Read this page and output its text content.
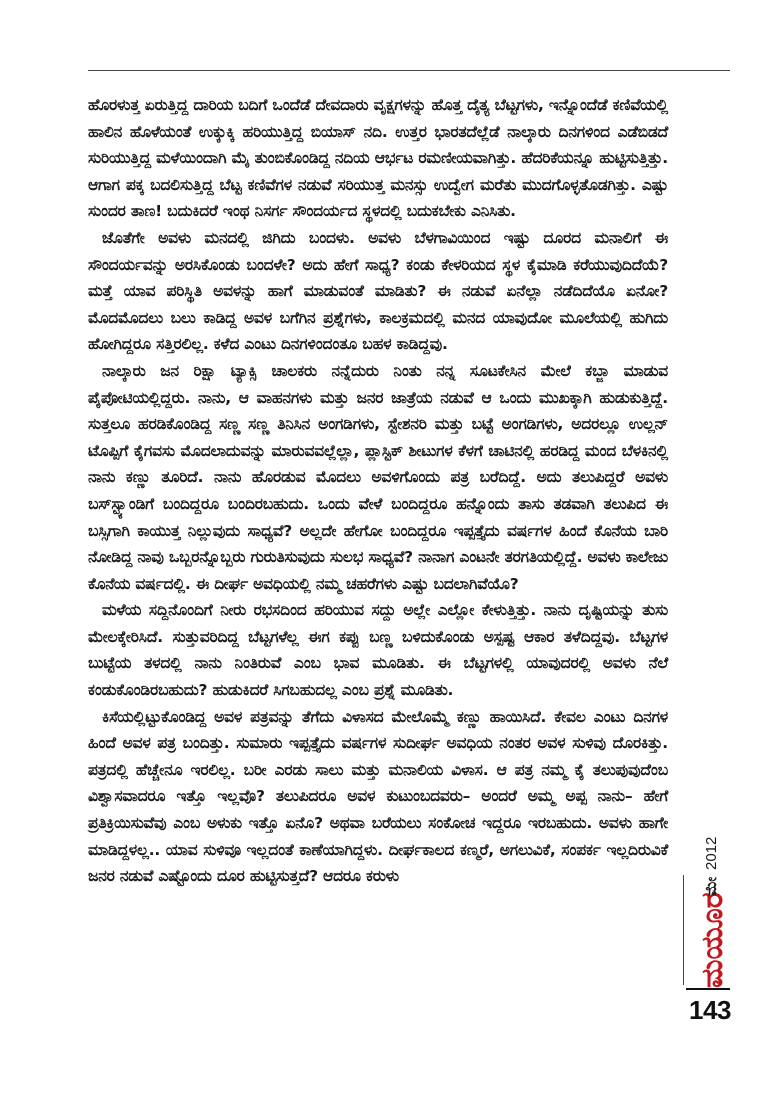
ಹೊರಳುತ್ತ ಏರುತ್ತಿದ್ದ ದಾರಿಯ ಬದಿಗೆ ಒಂದೆಡೆ ದೇವದಾರು ವೃಕ್ಷಗಳನ್ನು ಹೊತ್ತ ದೈತ್ಯ ಬೆಟ್ಟಗಳು, ಇನ್ನೊಂದೆಡೆ ಕಣಿವೆಯಲ್ಲಿ ಹಾಲಿನ ಹೊಳೆಯಂತೆ ಉಕ್ಕುಕ್ಕಿ ಹರಿಯುತ್ತಿದ್ದ ಬಿಯಾಸ್ ನದಿ. ಉತ್ತರ ಭಾರತದೆಲ್ಲೆಡೆ ನಾಲ್ಕಾರು ದಿನಗಳಿಂದ ಎಡೆಬಿಡದೆ ಸುರಿಯುತ್ತಿದ್ದ ಮಳೆಯಿಂದಾಗಿ ಮೈ ತುಂಬಿಕೊಂಡಿದ್ದ ನದಿಯ ಆರ್ಭಟ ರಮಣೀಯವಾಗಿತ್ತು. ಹೆದರಿಕೆಯನ್ನೂ ಹುಟ್ಟಿಸುತ್ತಿತ್ತು. ಆಗಾಗ ಪಕ್ಕ ಬದಲಿಸುತ್ತಿದ್ದ ಬೆಟ್ಟ ಕಣಿವೆಗಳ ನಡುವೆ ಸರಿಯುತ್ತ ಮನಸ್ಸು ಉದ್ವೇಗ ಮರೆತು ಮುದಗೊಳ್ಳತೊಡಗಿತ್ತು. ಎಷ್ಟು ಸುಂದರ ತಾಣ! ಬದುಕಿದರೆ ಇಂಥ ನಿಸರ್ಗ ಸೌಂದರ್ಯದ ಸ್ಥಳದಲ್ಲಿ ಬದುಕಬೇಕು ಎನಿಸಿತು.

ಜೊತೆಗೇ ಅವಳು ಮನದಲ್ಲಿ ಜಿಗಿದು ಬಂದಳು. ಅವಳು ಬೆಳಗಾವಿಯಿಂದ ಇಷ್ಟು ದೂರದ ಮನಾಲಿಗೆ ಈ ಸೌಂದರ್ಯವನ್ನು ಅರಸಿಕೊಂಡು ಬಂದಳೇ? ಅದು ಹೇಗೆ ಸಾಧ್ಯ? ಕಂಡು ಕೇಳರಿಯದ ಸ್ಥಳ ಕೈಮಾಡಿ ಕರೆಯುವುದಿದೆಯೆ? ಮತ್ತೆ ಯಾವ ಪರಿಸ್ಥಿತಿ ಅವಳನ್ನು ಹಾಗೆ ಮಾಡುವಂತೆ ಮಾಡಿತು? ಈ ನಡುವೆ ಏನೆಲ್ಲಾ ನಡೆದಿದೆಯೊ ಏನೋ? ಮೊದಮೊದಲು ಬಲು ಕಾಡಿದ್ದ ಅವಳ ಬಗೆಗಿನ ಪ್ರಶ್ನೆಗಳು, ಕಾಲಕ್ರಮದಲ್ಲಿ ಮನದ ಯಾವುದೋ ಮೂಲೆಯಲ್ಲಿ ಹುಗಿದು ಹೋಗಿದ್ದರೂ ಸತ್ತಿರಲಿಲ್ಲ. ಕಳೆದ ಎಂಟು ದಿನಗಳಿಂದಂತೂ ಬಹಳ ಕಾಡಿದ್ದವು.

ನಾಲ್ಕಾರು ಜನ ರಿಕ್ಷಾ ಟ್ಯಾಕ್ಸಿ ಚಾಲಕರು ನನ್ನೆದುರು ನಿಂತು ನನ್ನ ಸೂಟಕೇಸಿನ ಮೇಲೆ ಕಬ್ಜಾ ಮಾಡುವ ಪೈಪೋಟಿಯಲ್ಲಿದ್ದರು. ನಾನು, ಆ ವಾಹನಗಳು ಮತ್ತು ಜನರ ಜಾತ್ರೆಯ ನಡುವೆ ಆ ಒಂದು ಮುಖಕ್ಕಾಗಿ ಹುಡುಕುತ್ತಿದ್ದೆ. ಸುತ್ತಲೂ ಹರಡಿಕೊಂಡಿದ್ದ ಸಣ್ಣ ಸಣ್ಣ ತಿನಿಸಿನ ಅಂಗಡಿಗಳು, ಸ್ಟೇಶನರಿ ಮತ್ತು ಬಟ್ಟೆ ಅಂಗಡಿಗಳು, ಅದರಲ್ಲೂ ಉಲ್ಲನ್ ಟೊಪ್ಪಿಗೆ ಕೈಗವಸು ಮೊದಲಾದುವನ್ನು ಮಾರುವವಲ್ಲೆಲ್ಲಾ, ಪ್ಲಾಸ್ಟಿಕ್ ಶೀಟುಗಳ ಕೆಳಗೆ ಚಾಟಿನಲ್ಲಿ ಹರಡಿದ್ದ ಮಂದ ಬೆಳಕಿನಲ್ಲಿ ನಾನು ಕಣ್ಣು ತೂರಿದೆ. ನಾನು ಹೊರಡುವ ಮೊದಲು ಅವಳಿಗೊಂದು ಪತ್ರ ಬರೆದಿದ್ದೆ. ಅದು ತಲುಪಿದ್ದರೆ ಅವಳು ಬಸ್‌ಸ್ಟ್ಯಾಂಡಿಗೆ ಬಂದಿದ್ದರೂ ಬಂದಿರಬಹುದು. ಒಂದು ವೇಳೆ ಬಂದಿದ್ದರೂ ಹನ್ನೊಂದು ತಾಸು ತಡವಾಗಿ ತಲುಪಿದ ಈ ಬಸ್ಸಿಗಾಗಿ ಕಾಯುತ್ತ ನಿಲ್ಲುವುದು ಸಾಧ್ಯವೆ? ಅಲ್ಲದೇ ಹೇಗೋ ಬಂದಿದ್ದರೂ ಇಪ್ಪತ್ತೈದು ವರ್ಷಗಳ ಹಿಂದೆ ಕೊನೆಯ ಬಾರಿ ನೋಡಿದ್ದ ನಾವು ಒಬ್ಬರನ್ನೊಬ್ಬರು ಗುರುತಿಸುವುದು ಸುಲಭ ಸಾಧ್ಯವೆ? ನಾನಾಗ ಎಂಟನೇ ತರಗತಿಯಲ್ಲಿದ್ದೆ. ಅವಳು ಕಾಲೇಜು ಕೊನೆಯ ವರ್ಷದಲ್ಲಿ. ಈ ದೀರ್ಘ ಅವಧಿಯಲ್ಲಿ ನಮ್ಮ ಚಹರೆಗಳು ಎಷ್ಟು ಬದಲಾಗಿವೆಯೊ?

ಮಳೆಯ ಸದ್ದಿನೊಂದಿಗೆ ನೀರು ರಭಸದಿಂದ ಹರಿಯುವ ಸದ್ದು ಅಲ್ಲೇ ಎಲ್ಲೋ ಕೇಳುತ್ತಿತ್ತು. ನಾನು ದೃಷ್ಟಿಯನ್ನು ತುಸು ಮೇಲಕ್ಕೇರಿಸಿದೆ. ಸುತ್ತುವರಿದಿದ್ದ ಬೆಟ್ಟಗಳೆಲ್ಲ ಈಗ ಕಪ್ಪು ಬಣ್ಣ ಬಳಿದುಕೊಂಡು ಅಸ್ಪಷ್ಟ ಆಕಾರ ತಳೆದಿದ್ದವು. ಬೆಟ್ಟಗಳ ಬುಟ್ಟೆಯ ತಳದಲ್ಲಿ ನಾನು ನಿಂತಿರುವೆ ಎಂಬ ಭಾವ ಮೂಡಿತು. ಈ ಬೆಟ್ಟಗಳಲ್ಲಿ ಯಾವುದರಲ್ಲಿ ಅವಳು ನೆಲೆ ಕಂಡುಕೊಂಡಿರಬಹುದು? ಹುಡುಕಿದರೆ ಸಿಗಬಹುದಲ್ಲ ಎಂಬ ಪ್ರಶ್ನೆ ಮೂಡಿತು.

ಕಿಸೆಯಲ್ಲಿಟ್ಟುಕೊಂಡಿದ್ದ ಅವಳ ಪತ್ರವನ್ನು ತೆಗೆದು ವಿಳಾಸದ ಮೇಲೊಮ್ಮೆ ಕಣ್ಣು ಹಾಯಿಸಿದೆ. ಕೇವಲ ಎಂಟು ದಿನಗಳ ಹಿಂದೆ ಅವಳ ಪತ್ರ ಬಂದಿತ್ತು. ಸುಮಾರು ಇಪ್ಪತ್ತೈದು ವರ್ಷಗಳ ಸುದೀರ್ಘ ಅವಧಿಯ ನಂತರ ಅವಳ ಸುಳಿವು ದೊರಕಿತ್ತು. ಪತ್ರದಲ್ಲಿ ಹೆಚ್ಚೇನೂ ಇರಲಿಲ್ಲ. ಬರೀ ಎರಡು ಸಾಲು ಮತ್ತು ಮನಾಲಿಯ ವಿಳಾಸ. ಆ ಪತ್ರ ನಮ್ಮ ಕೈ ತಲುಪುವುದೆಂಬ ವಿಶ್ವಾಸವಾದರೂ ಇತ್ತೊ ಇಲ್ಲವೊ? ತಲುಪಿದರೂ ಅವಳ ಕುಟುಂಬದವರು– ಅಂದರೆ ಅಮ್ಮ ಅಪ್ಪ ನಾನು– ಹೇಗೆ ಪ್ರತಿಕ್ರಿಯಿಸುವೆವು ಎಂಬ ಅಳುಕು ಇತ್ತೊ ಏನೊ? ಅಥವಾ ಬರೆಯಲು ಸಂಕೋಚ ಇದ್ದರೂ ಇರಬಹುದು. ಅವಳು ಹಾಗೇ ಮಾಡಿದ್ದಳಲ್ಲ.. ಯಾವ ಸುಳಿವೂ ಇಲ್ಲದಂತೆ ಕಾಣೆಯಾಗಿದ್ದಳು. ದೀರ್ಘಕಾಲದ ಕಣ್ಮರೆ, ಅಗಲುವಿಕೆ, ಸಂಪರ್ಕ ಇಲ್ಲದಿರುವಿಕೆ ಜನರ ನಡುವೆ ಎಷ್ಟೊಂದು ದೂರ ಹುಟ್ಟಿಸುತ್ತದೆ? ಆದರೂ ಕರುಳು

ಮಯೂರ
ಮೇ
2012
143
